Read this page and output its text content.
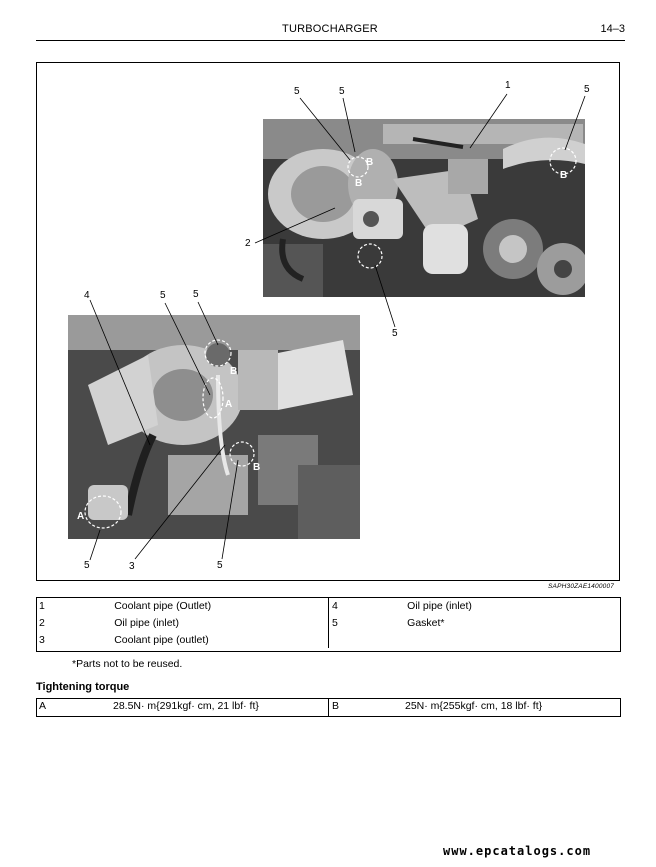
TURBOCHARGER	14–3
5	5
1	5
2
5
B
B
B
4	5	5
5	3	5
B
A
B
A
SAPH30ZAE1400007
1	Coolant pipe (Outlet)	4	Oil pipe (inlet)
2	Oil pipe (inlet)	5	Gasket*
3	Coolant pipe (outlet)		
*Parts not to be reused.
Tightening torque
A	28.5N· m{291kgf· cm, 21 lbf· ft}	B	25N· m{255kgf· cm, 18 lbf· ft}
www.epcatalogs.com
